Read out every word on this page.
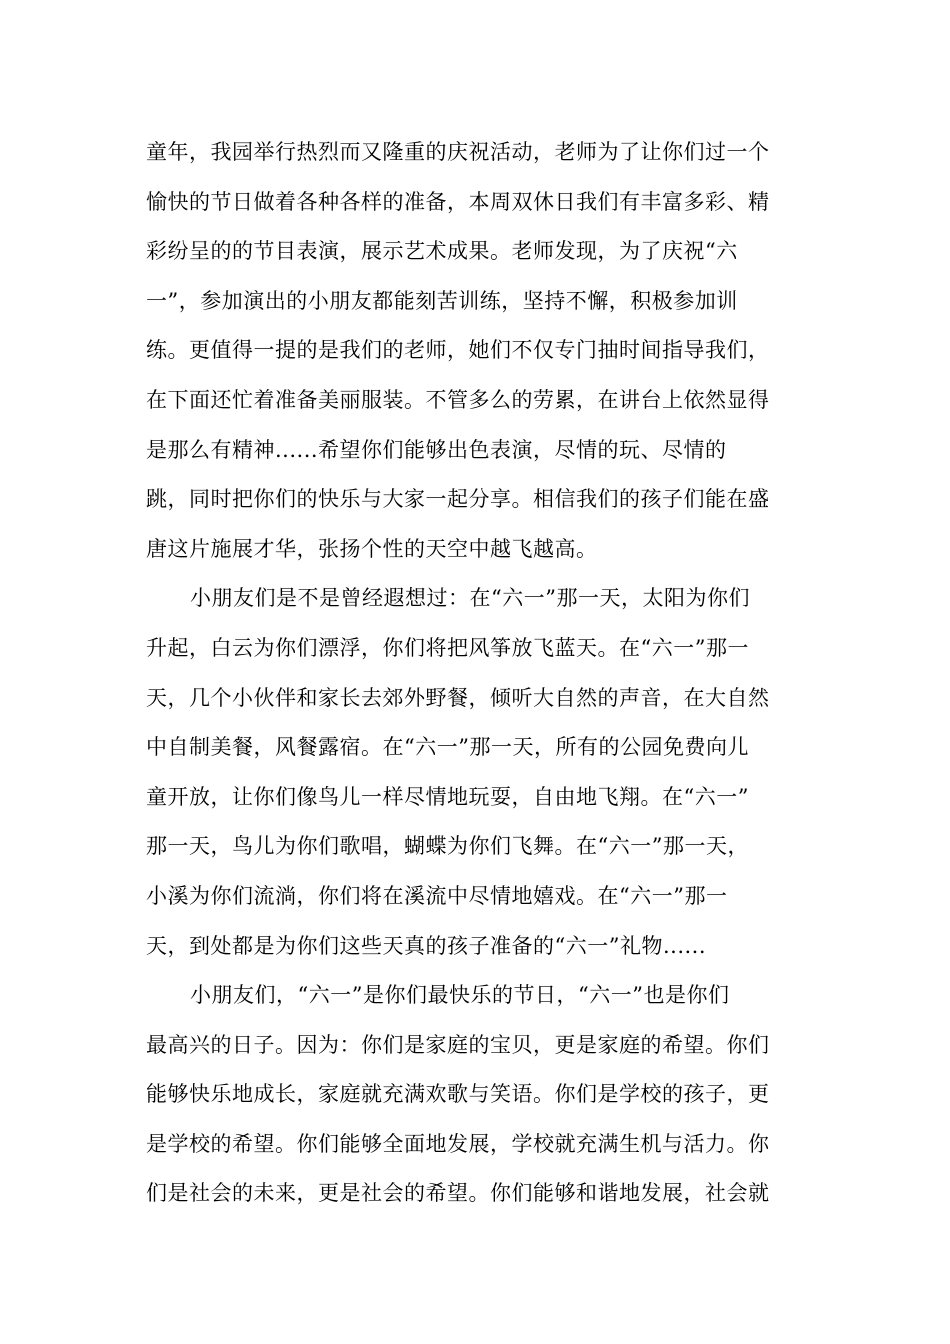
童年，我园举行热烈而又隆重的庆祝活动，老师为了让你们过一个
愉快的节日做着各种各样的准备，本周双休日我们有丰富多彩、精
彩纷呈的的节目表演，展示艺术成果。老师发现，为了庆祝“六
一”，参加演出的小朋友都能刻苦训练，坚持不懈，积极参加训
练。更值得一提的是我们的老师，她们不仅专门抽时间指导我们，
在下面还忙着准备美丽服装。不管多么的劳累，在讲台上依然显得
是那么有精神......希望你们能够出色表演，尽情的玩、尽情的
跳，同时把你们的快乐与大家一起分享。相信我们的孩子们能在盛
唐这片施展才华，张扬个性的天空中越飞越高。
小朋友们是不是曾经遐想过：在“六一”那一天，太阳为你们
升起，白云为你们漂浮，你们将把风筝放飞蓝天。在“六一”那一
天，几个小伙伴和家长去郊外野餐，倾听大自然的声音，在大自然
中自制美餐，风餐露宿。在“六一”那一天，所有的公园免费向儿
童开放，让你们像鸟儿一样尽情地玩耍，自由地飞翔。在“六一”
那一天，鸟儿为你们歌唱，蝴蝶为你们飞舞。在“六一”那一天，
小溪为你们流淌，你们将在溪流中尽情地嬉戏。在“六一”那一
天，到处都是为你们这些天真的孩子准备的“六一”礼物......
小朋友们，“六一”是你们最快乐的节日，“六一”也是你们
最高兴的日子。因为：你们是家庭的宝贝，更是家庭的希望。你们
能够快乐地成长，家庭就充满欢歌与笑语。你们是学校的孩子，更
是学校的希望。你们能够全面地发展，学校就充满生机与活力。你
们是社会的未来，更是社会的希望。你们能够和谐地发展，社会就
